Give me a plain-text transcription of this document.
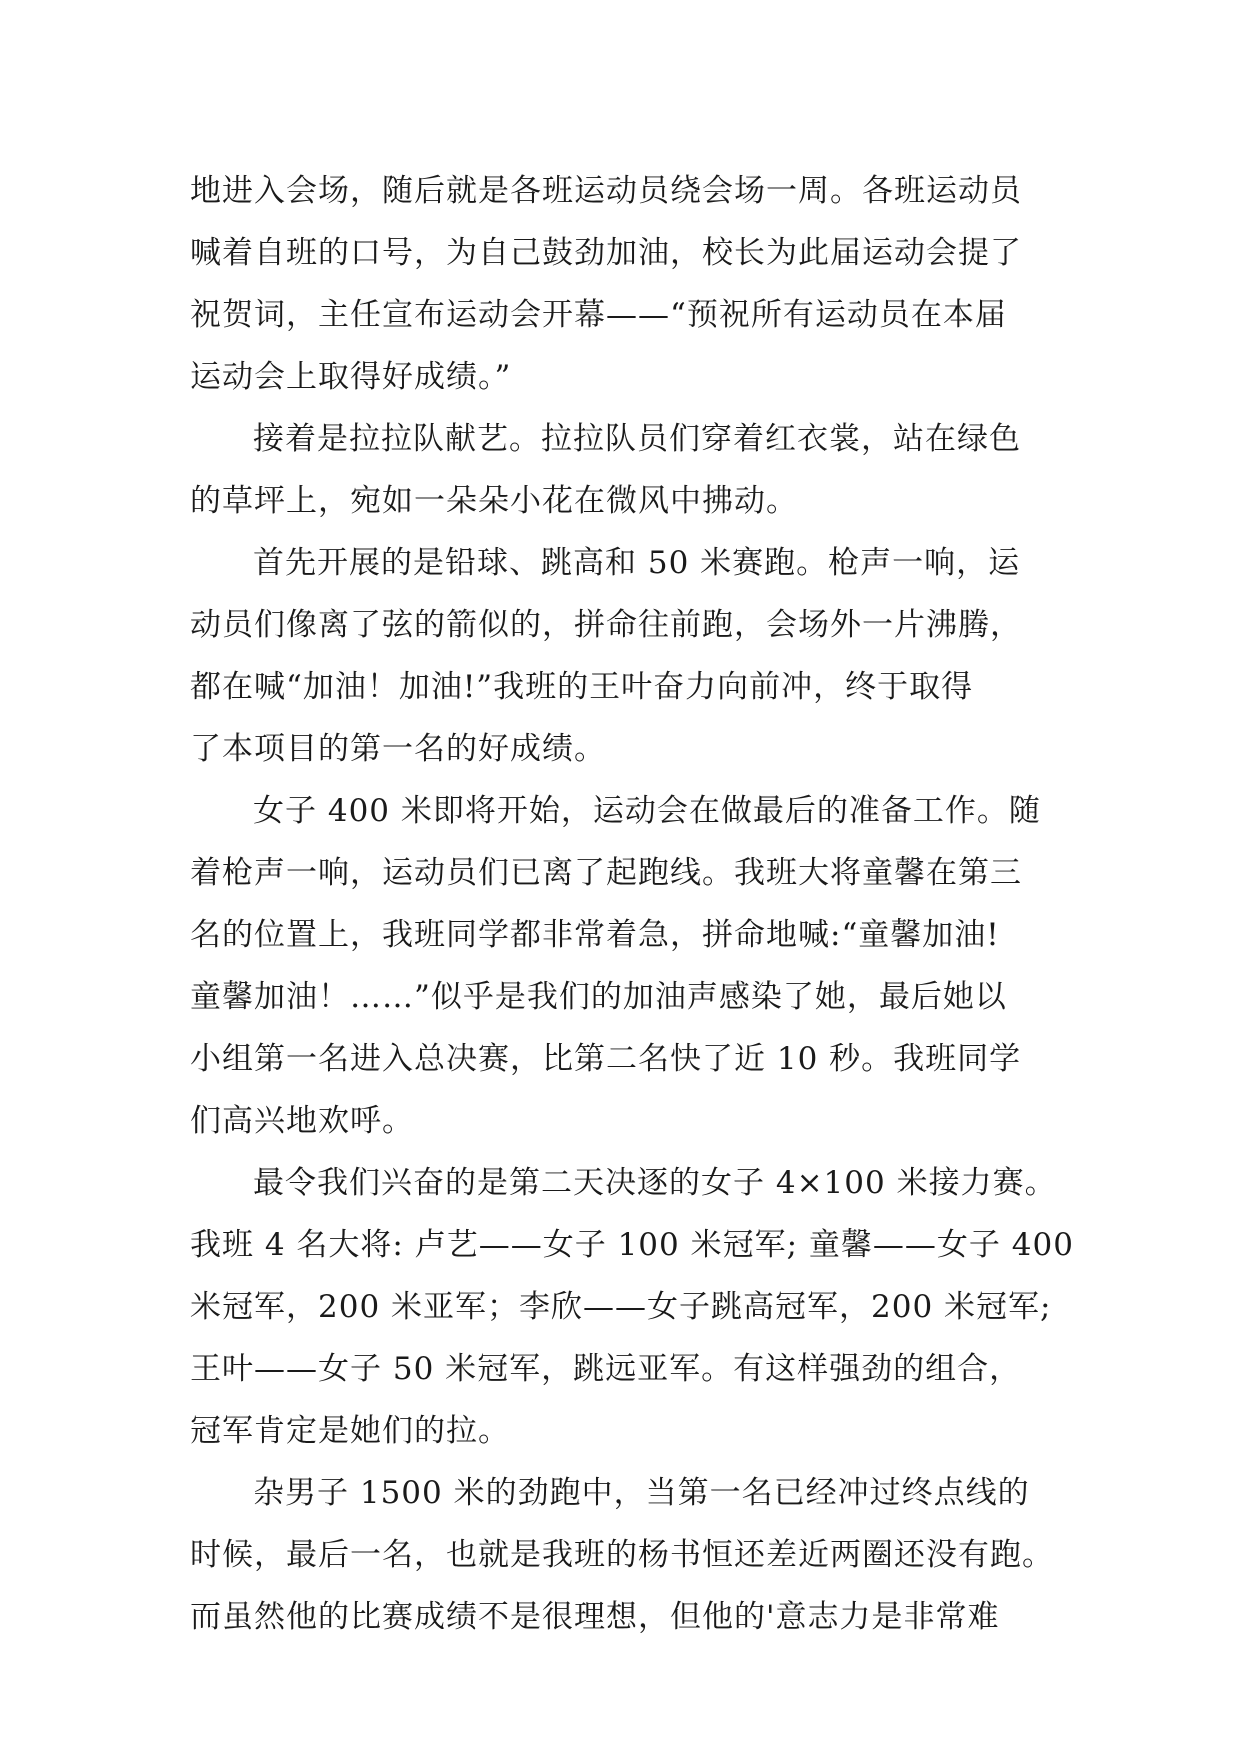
地进入会场，随后就是各班运动员绕会场一周。各班运动员
喊着自班的口号，为自己鼓劲加油，校长为此届运动会提了
祝贺词，主任宣布运动会开幕——“预祝所有运动员在本届
运动会上取得好成绩。”

接着是拉拉队献艺。拉拉队员们穿着红衣裳，站在绿色
的草坪上，宛如一朵朵小花在微风中拂动。

首先开展的是铅球、跳高和 50 米赛跑。枪声一响，运
动员们像离了弦的箭似的，拼命往前跑，会场外一片沸腾，
都在喊“加油！加油!”我班的王叶奋力向前冲，终于取得
了本项目的第一名的好成绩。

女子 400 米即将开始，运动会在做最后的准备工作。随
着枪声一响，运动员们已离了起跑线。我班大将童馨在第三
名的位置上，我班同学都非常着急，拼命地喊:“童馨加油!
童馨加油！……”似乎是我们的加油声感染了她，最后她以
小组第一名进入总决赛，比第二名快了近 10 秒。我班同学
们高兴地欢呼。

最令我们兴奋的是第二天决逐的女子 4×100 米接力赛。
我班 4 名大将: 卢艺——女子 100 米冠军; 童馨——女子 400
米冠军，200 米亚军；李欣——女子跳高冠军，200 米冠军;
王叶——女子 50 米冠军，跳远亚军。有这样强劲的组合，
冠军肯定是她们的拉。

杂男子 1500 米的劲跑中，当第一名已经冲过终点线的
时候，最后一名，也就是我班的杨书恒还差近两圈还没有跑。
而虽然他的比赛成绩不是很理想，但他的'意志力是非常难
